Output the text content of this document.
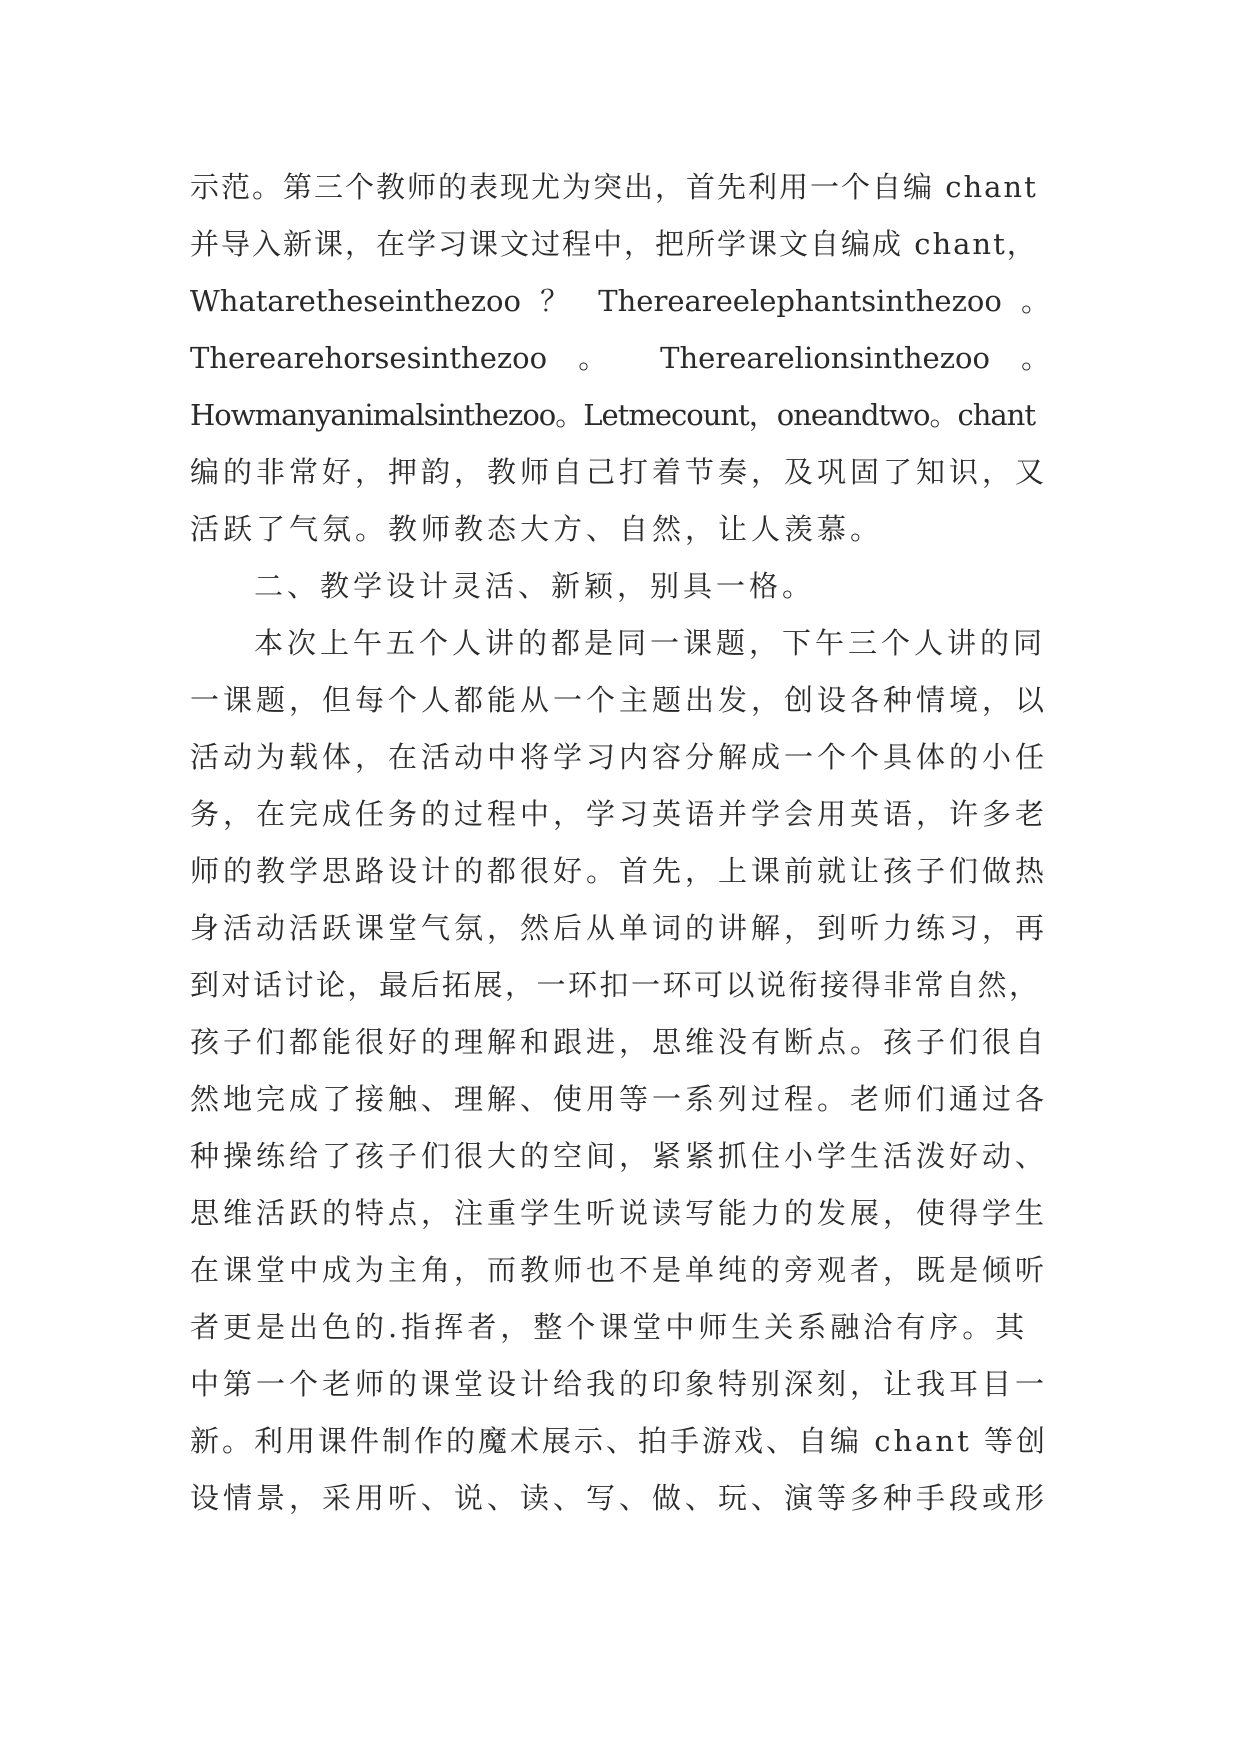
示范。第三个教师的表现尤为突出，首先利用一个自编 chant
并导入新课，在学习课文过程中，把所学课文自编成 chant，
Whataretheseinthezoo ？ Thereareelephantsinthezoo 。
Therearehorsesinthezoo 。 Therearelionsinthezoo 。
Howmanyanimalsinthezoo。Letmecount，oneandtwo。chant
编的非常好，押韵，教师自己打着节奏，及巩固了知识，又
活跃了气氛。教师教态大方、自然，让人羡慕。
二、教学设计灵活、新颖，别具一格。
本次上午五个人讲的都是同一课题，下午三个人讲的同
一课题，但每个人都能从一个主题出发，创设各种情境，以
活动为载体，在活动中将学习内容分解成一个个具体的小任
务，在完成任务的过程中，学习英语并学会用英语，许多老
师的教学思路设计的都很好。首先，上课前就让孩子们做热
身活动活跃课堂气氛，然后从单词的讲解，到听力练习，再
到对话讨论，最后拓展，一环扣一环可以说衔接得非常自然，
孩子们都能很好的理解和跟进，思维没有断点。孩子们很自
然地完成了接触、理解、使用等一系列过程。老师们通过各
种操练给了孩子们很大的空间，紧紧抓住小学生活泼好动、
思维活跃的特点，注重学生听说读写能力的发展，使得学生
在课堂中成为主角，而教师也不是单纯的旁观者，既是倾听
者更是出色的.指挥者，整个课堂中师生关系融洽有序。其
中第一个老师的课堂设计给我的印象特别深刻，让我耳目一
新。利用课件制作的魔术展示、拍手游戏、自编 chant 等创
设情景，采用听、说、读、写、做、玩、演等多种手段或形
